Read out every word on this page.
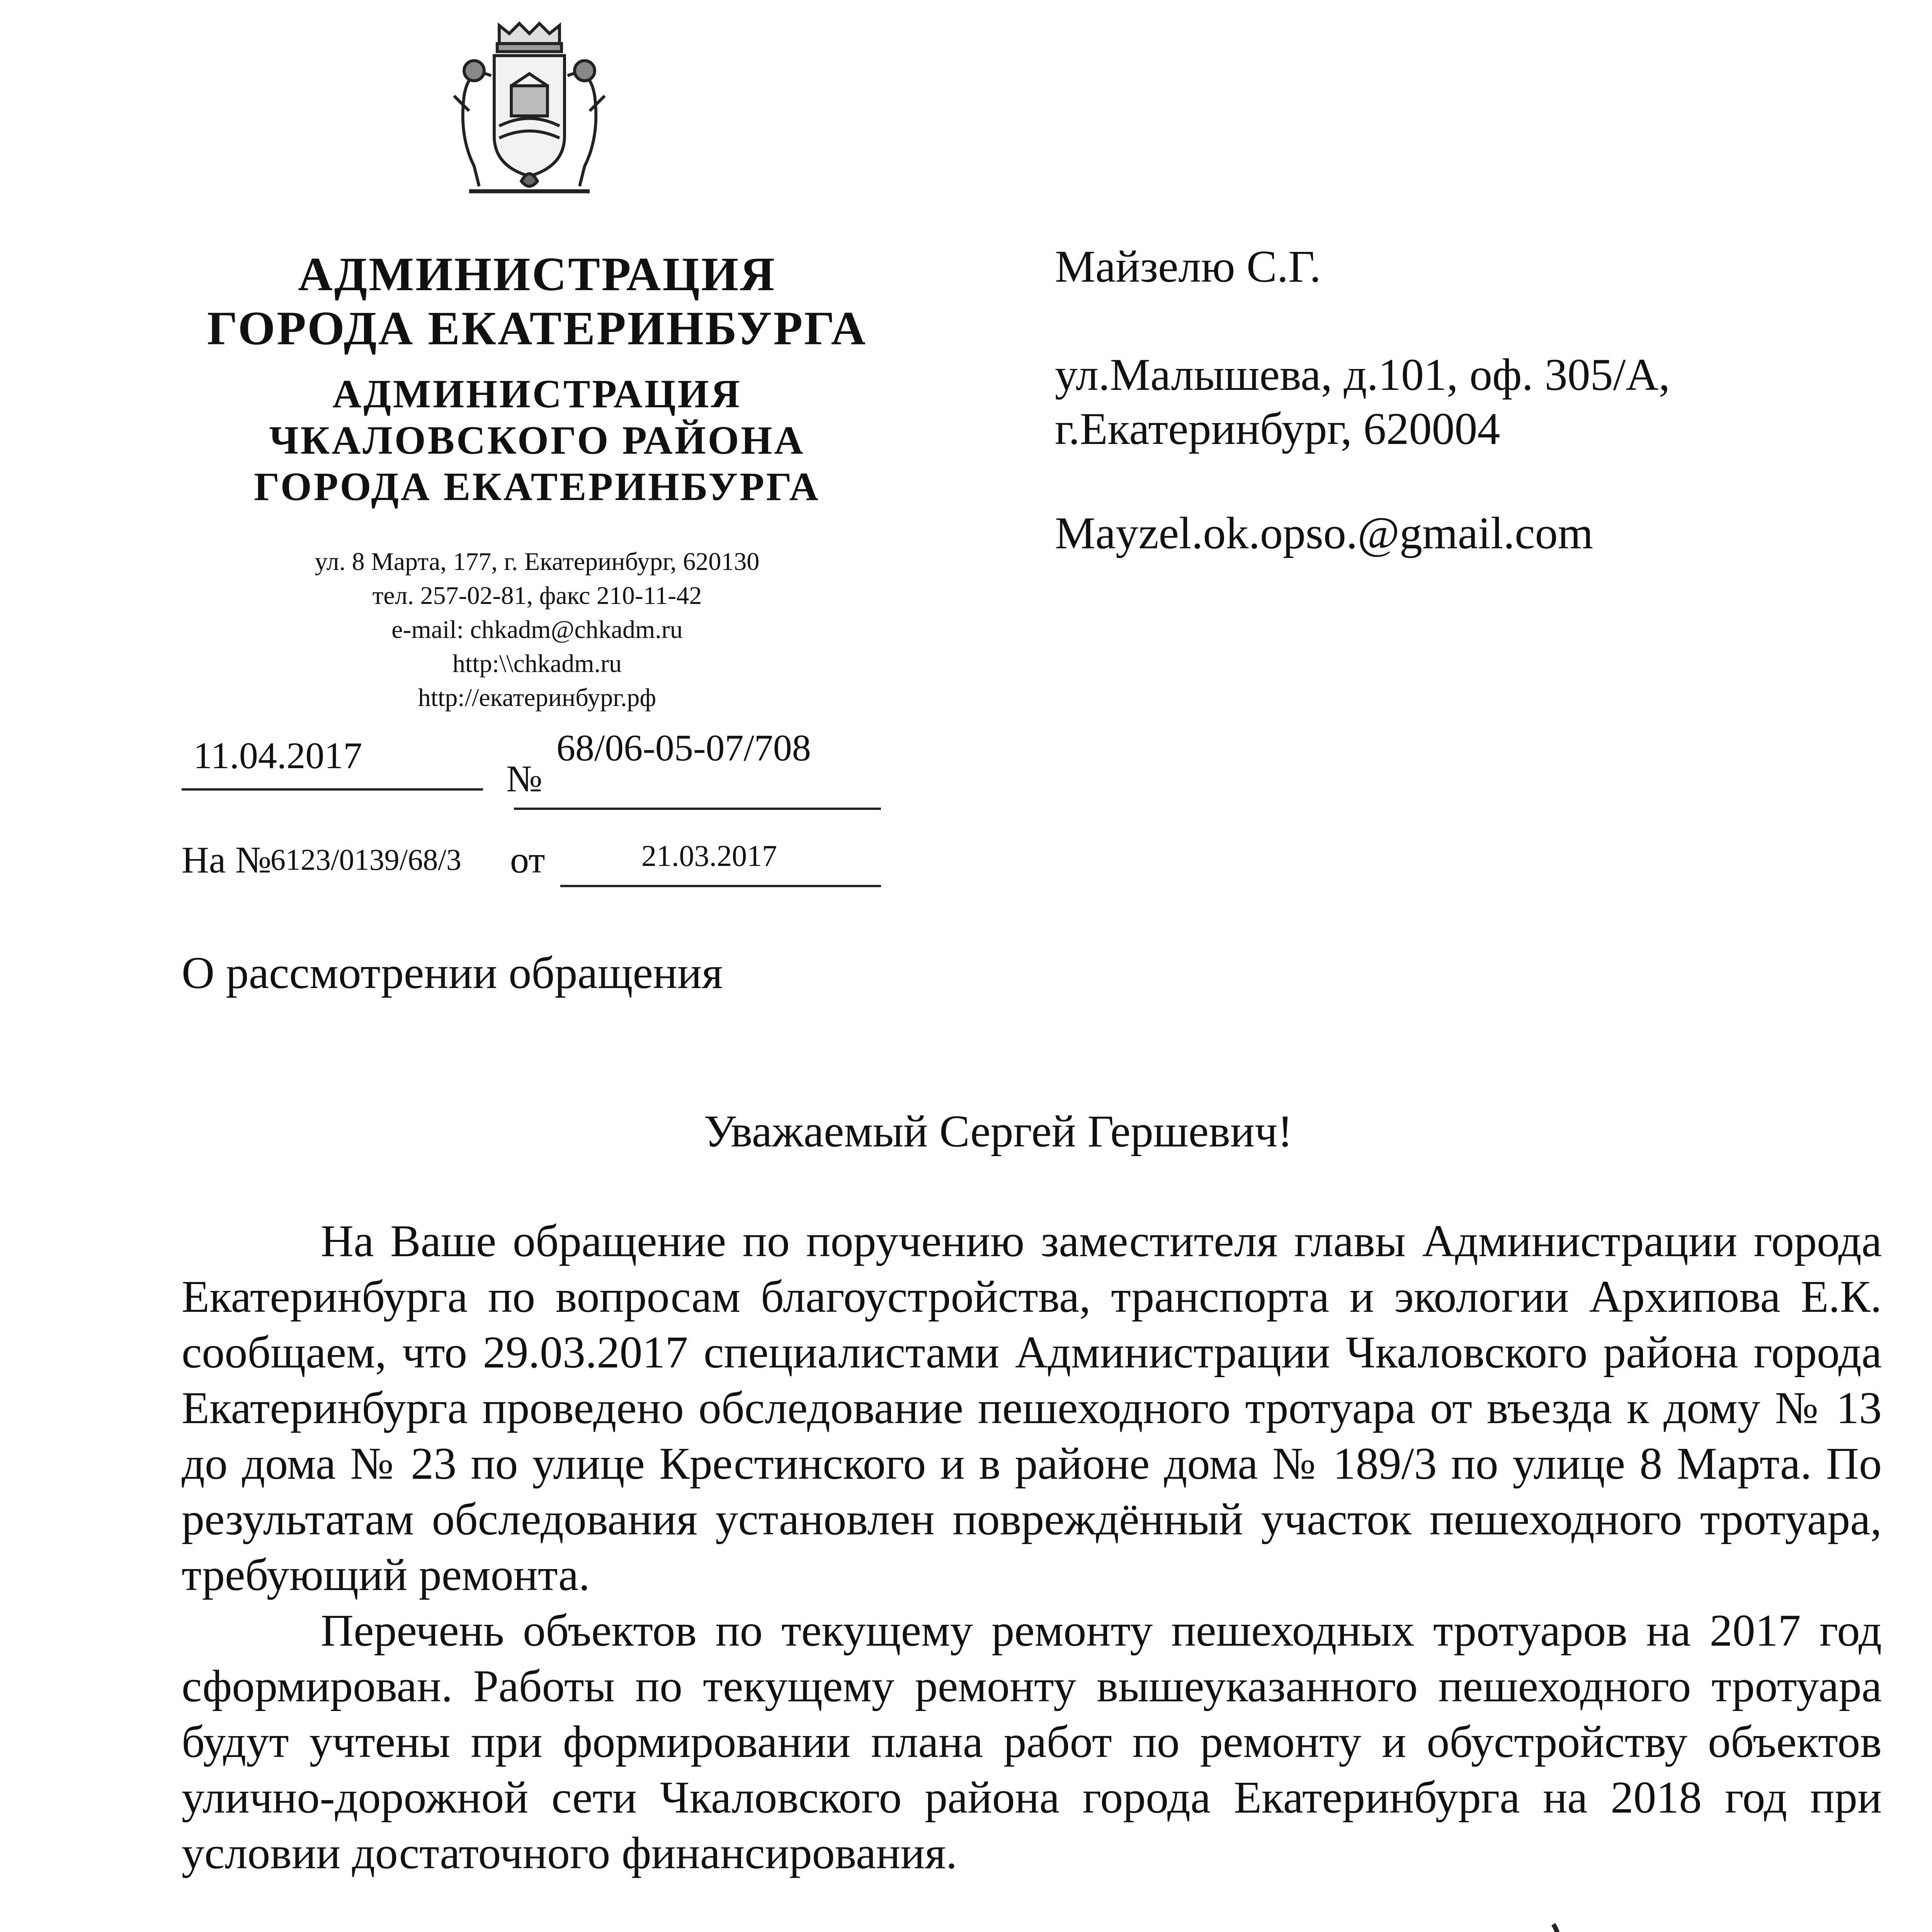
АДМИНИСТРАЦИЯ
ГОРОДА ЕКАТЕРИНБУРГА
АДМИНИСТРАЦИЯ
ЧКАЛОВСКОГО РАЙОНА
ГОРОДА ЕКАТЕРИНБУРГА
ул. 8 Марта, 177, г. Екатеринбург, 620130
тел. 257-02-81, факс 210-11-42
e-mail: chkadm@chkadm.ru
http:\\chkadm.ru
http://екатеринбург.рф
11.04.2017
№
68/06-05-07/708
На №
6123/0139/68/3 от	21.03.2017
Майзелю С.Г.
ул.Малышева, д.101, оф. 305/А,
г.Екатеринбург, 620004
Mayzel.ok.opso.@gmail.com
О рассмотрении обращения
Уважаемый Сергей Гершевич!

На Ваше обращение по поручению заместителя главы Администрации города Екатеринбурга по вопросам благоустройства, транспорта и экологии Архипова Е.К. сообщаем, что 29.03.2017 специалистами Администрации Чкаловского района города Екатеринбурга проведено обследование пешеходного тротуара от въезда к дому № 13 до дома № 23 по улице Крестинского и в районе дома № 189/3 по улице 8 Марта. По результатам обследования установлен повреждённый участок пешеходного тротуара, требующий ремонта.

Перечень объектов по текущему ремонту пешеходных тротуаров на 2017 год сформирован. Работы по текущему ремонту вышеуказанного пешеходного тротуара будут учтены при формировании плана работ по ремонту и обустройству объектов улично-дорожной сети Чкаловского района города Екатеринбурга на 2018 год при условии достаточного финансирования.
